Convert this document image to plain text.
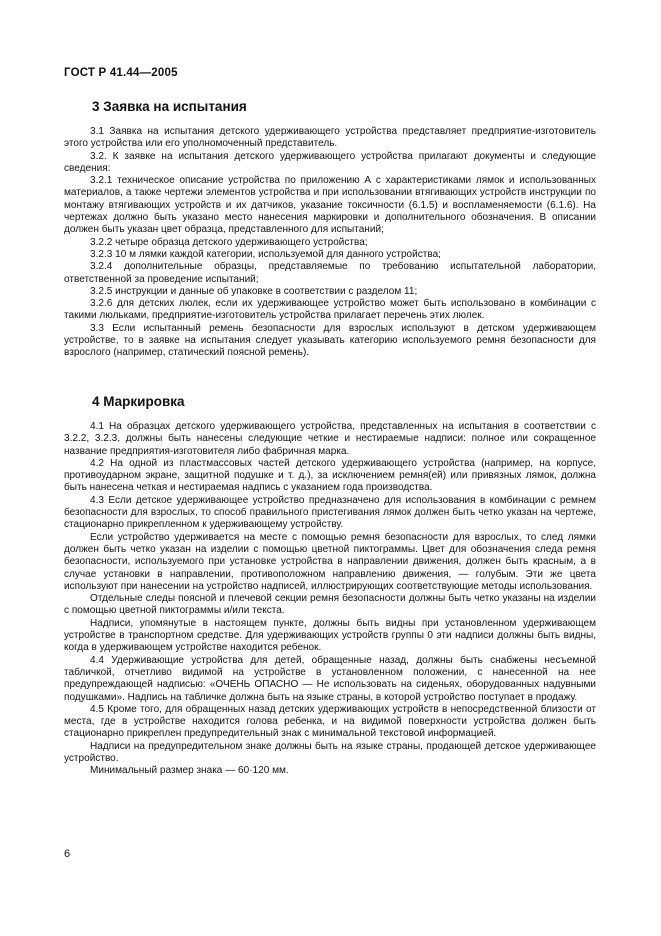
ГОСТ Р 41.44—2005
3 Заявка на испытания

3.1 Заявка на испытания детского удерживающего устройства представляет предприятие-изготовитель этого устройства или его уполномоченный представитель.

3.2. К заявке на испытания детского удерживающего устройства прилагают документы и следующие сведения:

3.2.1 техническое описание устройства по приложению А с характеристиками лямок и использованных материалов, а также чертежи элементов устройства и при использовании втягивающих устройств инструкции по монтажу втягивающих устройств и их датчиков, указание токсичности (6.1.5) и воспламеняемости (6.1.6). На чертежах должно быть указано место нанесения маркировки и дополнительного обозначения. В описании должен быть указан цвет образца, представленного для испытаний;

3.2.2 четыре образца детского удерживающего устройства;

3.2.3 10 м лямки каждой категории, используемой для данного устройства;

3.2.4 дополнительные образцы, представляемые по требованию испытательной лаборатории, ответственной за проведение испытаний;

3.2.5 инструкции и данные об упаковке в соответствии с разделом 11;

3.2.6 для детских люлек, если их удерживающее устройство может быть использовано в комбинации с такими люльками, предприятие-изготовитель устройства прилагает перечень этих люлек.

3.3 Если испытанный ремень безопасности для взрослых используют в детском удерживающем устройстве, то в заявке на испытания следует указывать категорию используемого ремня безопасности для взрослого (например, статический поясной ремень).

4 Маркировка

4.1 На образцах детского удерживающего устройства, представленных на испытания в соответствии с 3.2.2, 3.2.3, должны быть нанесены следующие четкие и нестираемые надписи: полное или сокращенное название предприятия-изготовителя либо фабричная марка.

4.2 На одной из пластмассовых частей детского удерживающего устройства (например, на корпусе, противоударном экране, защитной подушке и т. д.), за исключением ремня(ей) или привязных лямок, должна быть нанесена четкая и нестираемая надпись с указанием года производства.

4.3 Если детское удерживающее устройство предназначено для использования в комбинации с ремнем безопасности для взрослых, то способ правильного пристегивания лямок должен быть четко указан на чертеже, стационарно прикрепленном к удерживающему устройству.

Если устройство удерживается на месте с помощью ремня безопасности для взрослых, то след лямки должен быть четко указан на изделии с помощью цветной пиктограммы. Цвет для обозначения следа ремня безопасности, используемого при установке устройства в направлении движения, должен быть красным, а в случае установки в направлении, противоположном направлению движения, — голубым. Эти же цвета используют при нанесении на устройство надписей, иллюстрирующих соответствующие методы использования.

Отдельные следы поясной и плечевой секции ремня безопасности должны быть четко указаны на изделии с помощью цветной пиктограммы и/или текста.

Надписи, упомянутые в настоящем пункте, должны быть видны при установленном удерживающем устройстве в транспортном средстве. Для удерживающих устройств группы 0 эти надписи должны быть видны, когда в удерживающем устройстве находится ребенок.

4.4 Удерживающие устройства для детей, обращенные назад, должны быть снабжены несъемной табличкой, отчетливо видимой на устройстве в установленном положении, с нанесенной на нее предупреждающей надписью: «ОЧЕНЬ ОПАСНО — Не использовать на сиденьях, оборудованных надувными подушками». Надпись на табличке должна быть на языке страны, в которой устройство поступает в продажу.

4.5 Кроме того, для обращенных назад детских удерживающих устройств в непосредственной близости от места, где в устройстве находится голова ребенка, и на видимой поверхности устройства должен быть стационарно прикреплен предупредительный знак с минимальной текстовой информацией.

Надписи на предупредительном знаке должны быть на языке страны, продающей детское удерживающее устройство.

Минимальный размер знака — 60·120 мм.

6
